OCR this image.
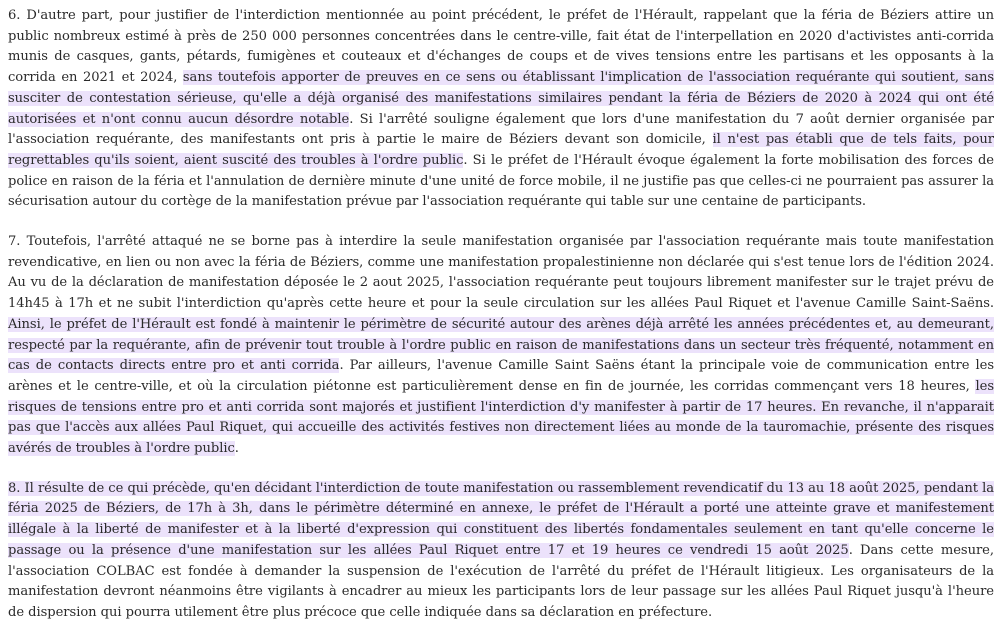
6. D'autre part, pour justifier de l'interdiction mentionnée au point précédent, le préfet de l'Hérault, rappelant que la féria de Béziers attire un public nombreux estimé à près de 250 000 personnes concentrées dans le centre-ville, fait état de l'interpellation en 2020 d'activistes anti-corrida munis de casques, gants, pétards, fumigènes et couteaux et d'échanges de coups et de vives tensions entre les partisans et les opposants à la corrida en 2021 et 2024, sans toutefois apporter de preuves en ce sens ou établissant l'implication de l'association requérante qui soutient, sans susciter de contestation sérieuse, qu'elle a déjà organisé des manifestations similaires pendant la féria de Béziers de 2020 à 2024 qui ont été autorisées et n'ont connu aucun désordre notable. Si l'arrêté souligne également que lors d'une manifestation du 7 août dernier organisée par l'association requérante, des manifestants ont pris à partie le maire de Béziers devant son domicile, il n'est pas établi que de tels faits, pour regrettables qu'ils soient, aient suscité des troubles à l'ordre public. Si le préfet de l'Hérault évoque également la forte mobilisation des forces de police en raison de la féria et l'annulation de dernière minute d'une unité de force mobile, il ne justifie pas que celles-ci ne pourraient pas assurer la sécurisation autour du cortège de la manifestation prévue par l'association requérante qui table sur une centaine de participants.

7. Toutefois, l'arrêté attaqué ne se borne pas à interdire la seule manifestation organisée par l'association requérante mais toute manifestation revendicative, en lien ou non avec la féria de Béziers, comme une manifestation propalestinienne non déclarée qui s'est tenue lors de l'édition 2024. Au vu de la déclaration de manifestation déposée le 2 aout 2025, l'association requérante peut toujours librement manifester sur le trajet prévu de 14h45 à 17h et ne subit l'interdiction qu'après cette heure et pour la seule circulation sur les allées Paul Riquet et l'avenue Camille Saint-Saëns. Ainsi, le préfet de l'Hérault est fondé à maintenir le périmètre de sécurité autour des arènes déjà arrêté les années précédentes et, au demeurant, respecté par la requérante, afin de prévenir tout trouble à l'ordre public en raison de manifestations dans un secteur très fréquenté, notamment en cas de contacts directs entre pro et anti corrida. Par ailleurs, l'avenue Camille Saint Saëns étant la principale voie de communication entre les arènes et le centre-ville, et où la circulation piétonne est particulièrement dense en fin de journée, les corridas commençant vers 18 heures, les risques de tensions entre pro et anti corrida sont majorés et justifient l'interdiction d'y manifester à partir de 17 heures. En revanche, il n'apparait pas que l'accès aux allées Paul Riquet, qui accueille des activités festives non directement liées au monde de la tauromachie, présente des risques avérés de troubles à l'ordre public.

8. Il résulte de ce qui précède, qu'en décidant l'interdiction de toute manifestation ou rassemblement revendicatif du 13 au 18 août 2025, pendant la féria 2025 de Béziers, de 17h à 3h, dans le périmètre déterminé en annexe, le préfet de l'Hérault a porté une atteinte grave et manifestement illégale à la liberté de manifester et à la liberté d'expression qui constituent des libertés fondamentales seulement en tant qu'elle concerne le passage ou la présence d'une manifestation sur les allées Paul Riquet entre 17 et 19 heures ce vendredi 15 août 2025. Dans cette mesure, l'association COLBAC est fondée à demander la suspension de l'exécution de l'arrêté du préfet de l'Hérault litigieux. Les organisateurs de la manifestation devront néanmoins être vigilants à encadrer au mieux les participants lors de leur passage sur les allées Paul Riquet jusqu'à l'heure de dispersion qui pourra utilement être plus précoce que celle indiquée dans sa déclaration en préfecture.
